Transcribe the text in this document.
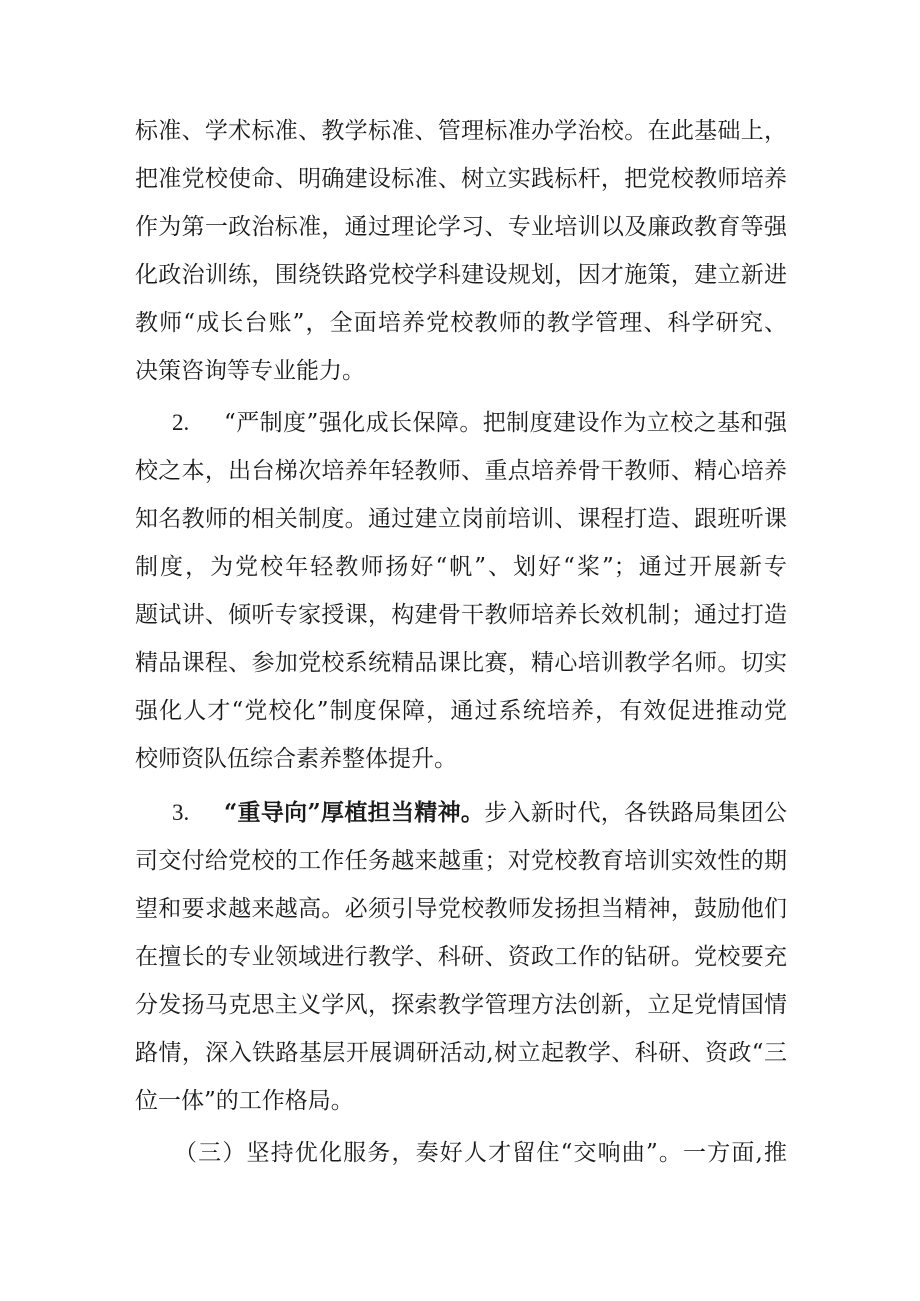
标准、学术标准、教学标准、管理标准办学治校。在此基础上，
把准党校使命、明确建设标准、树立实践标杆，把党校教师培养
作为第一政治标准，通过理论学习、专业培训以及廉政教育等强
化政治训练，围绕铁路党校学科建设规划，因才施策，建立新进
教师“成长台账”，全面培养党校教师的教学管理、科学研究、
决策咨询等专业能力。
2. “严制度”强化成长保障。把制度建设作为立校之基和强
校之本，出台梯次培养年轻教师、重点培养骨干教师、精心培养
知名教师的相关制度。通过建立岗前培训、课程打造、跟班听课
制度，为党校年轻教师扬好“帆”、划好“桨”；通过开展新专
题试讲、倾听专家授课，构建骨干教师培养长效机制；通过打造
精品课程、参加党校系统精品课比赛，精心培训教学名师。切实
强化人才“党校化”制度保障，通过系统培养，有效促进推动党
校师资队伍综合素养整体提升。
3. “重导向”厚植担当精神。步入新时代，各铁路局集团公
司交付给党校的工作任务越来越重；对党校教育培训实效性的期
望和要求越来越高。必须引导党校教师发扬担当精神，鼓励他们
在擅长的专业领域进行教学、科研、资政工作的钻研。党校要充
分发扬马克思主义学风，探索教学管理方法创新，立足党情国情
路情，深入铁路基层开展调研活动,树立起教学、科研、资政“三
位一体”的工作格局。
（三）坚持优化服务，奏好人才留住“交响曲”。一方面,推
